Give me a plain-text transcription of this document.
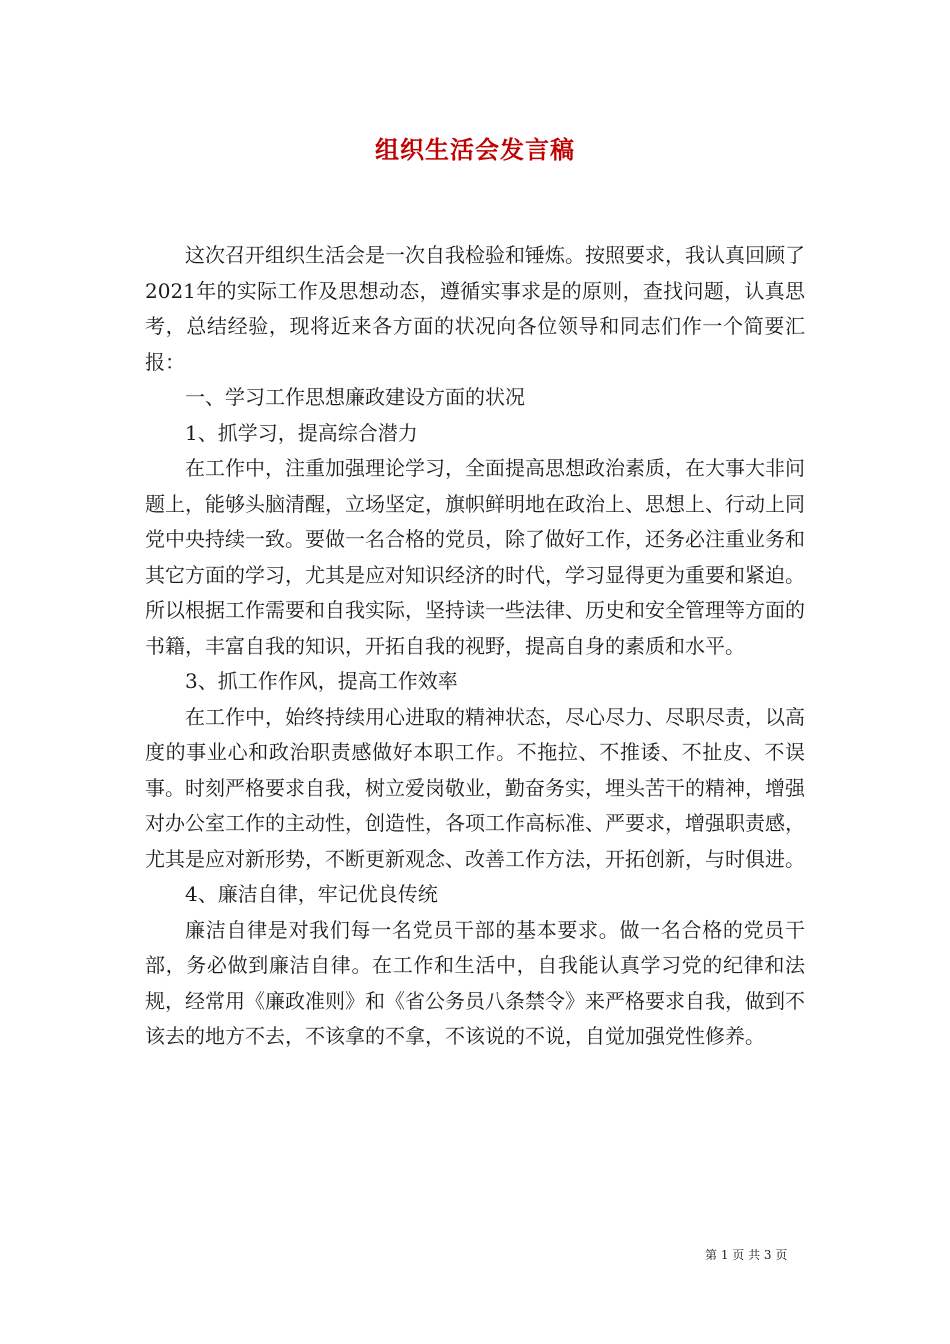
组织生活会发言稿

这次召开组织生活会是一次自我检验和锤炼。按照要求，我认真回顾了2021年的实际工作及思想动态，遵循实事求是的原则，查找问题，认真思考，总结经验，现将近来各方面的状况向各位领导和同志们作一个简要汇报：

一、学习工作思想廉政建设方面的状况

1、抓学习，提高综合潜力

在工作中，注重加强理论学习，全面提高思想政治素质，在大事大非问题上，能够头脑清醒，立场坚定，旗帜鲜明地在政治上、思想上、行动上同党中央持续一致。要做一名合格的党员，除了做好工作，还务必注重业务和其它方面的学习，尤其是应对知识经济的时代，学习显得更为重要和紧迫。所以根据工作需要和自我实际，坚持读一些法律、历史和安全管理等方面的书籍，丰富自我的知识，开拓自我的视野，提高自身的素质和水平。

3、抓工作作风，提高工作效率

在工作中，始终持续用心进取的精神状态，尽心尽力、尽职尽责，以高度的事业心和政治职责感做好本职工作。不拖拉、不推诿、不扯皮、不误事。时刻严格要求自我，树立爱岗敬业，勤奋务实，埋头苦干的精神，增强对办公室工作的主动性，创造性，各项工作高标准、严要求，增强职责感，尤其是应对新形势，不断更新观念、改善工作方法，开拓创新，与时俱进。

4、廉洁自律，牢记优良传统

廉洁自律是对我们每一名党员干部的基本要求。做一名合格的党员干部，务必做到廉洁自律。在工作和生活中，自我能认真学习党的纪律和法规，经常用《廉政准则》和《省公务员八条禁令》来严格要求自我，做到不该去的地方不去，不该拿的不拿，不该说的不说，自觉加强党性修养。

第 1 页 共 3 页
